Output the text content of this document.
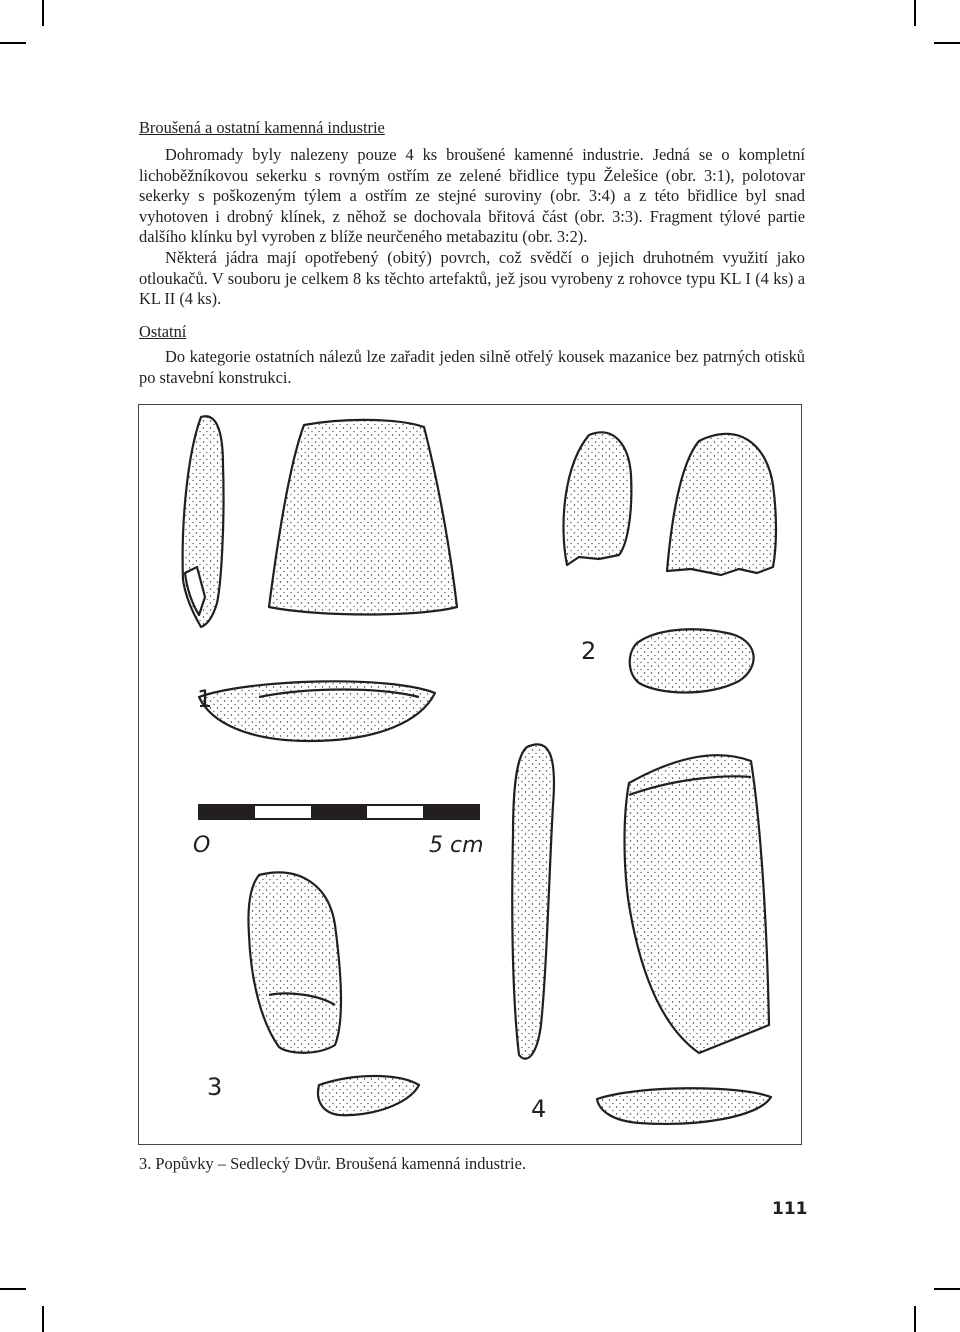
Broušená a ostatní kamenná industrie

Dohromady byly nalezeny pouze 4 ks broušené kamenné industrie. Jedná se o kompletní lichoběžníkovou sekerku s rovným ostřím ze zelené břidlice typu Želešice (obr. 3:1), polotovar sekerky s poškozeným týlem a ostřím ze stejné suroviny (obr. 3:4) a z této břidlice byl snad vyhotoven i drobný klínek, z něhož se dochovala břitová část (obr. 3:3). Fragment týlové partie dalšího klínku byl vyroben z blíže neurčeného metabazitu (obr. 3:2).

Některá jádra mají opotřebený (obitý) povrch, což svědčí o jejich druhotném využití jako otloukačů. V souboru je celkem 8 ks těchto artefaktů, jež jsou vyrobeny z rohovce typu KL I (4 ks) a KL II (4 ks).

Ostatní

Do kategorie ostatních nálezů lze zařadit jeden silně otřelý kousek mazanice bez patrných otisků po stavební konstrukci.

1
2
3
4
O	5 cm
3. Popůvky – Sedlecký Dvůr. Broušená kamenná industrie.
111
